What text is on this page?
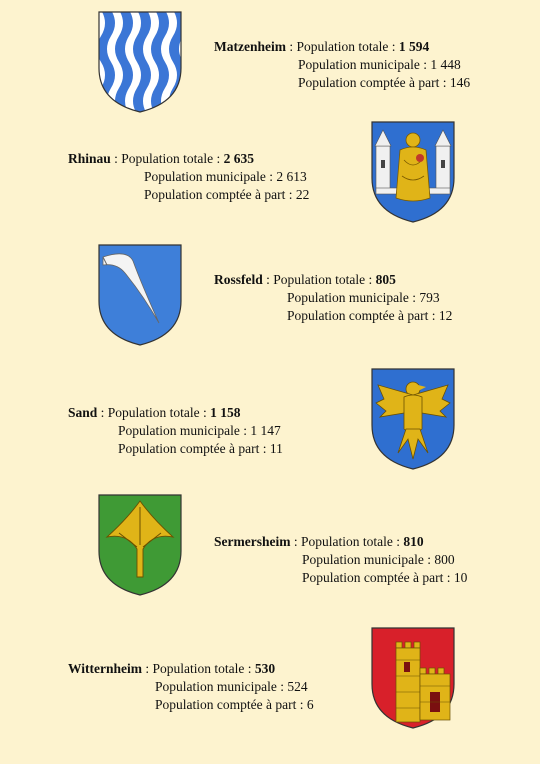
Matzenheim : Population totale : 1 594
Population municipale : 1 448
Population comptée à part : 146
Rhinau : Population totale : 2 635
Population municipale : 2 613
Population comptée à part : 22
Rossfeld : Population totale : 805
Population municipale : 793
Population comptée à part : 12
Sand : Population totale : 1 158
Population municipale : 1 147
Population comptée à part : 11
Sermersheim : Population totale : 810
Population municipale : 800
Population comptée à part : 10
Witternheim : Population totale : 530
Population municipale : 524
Population comptée à part : 6
